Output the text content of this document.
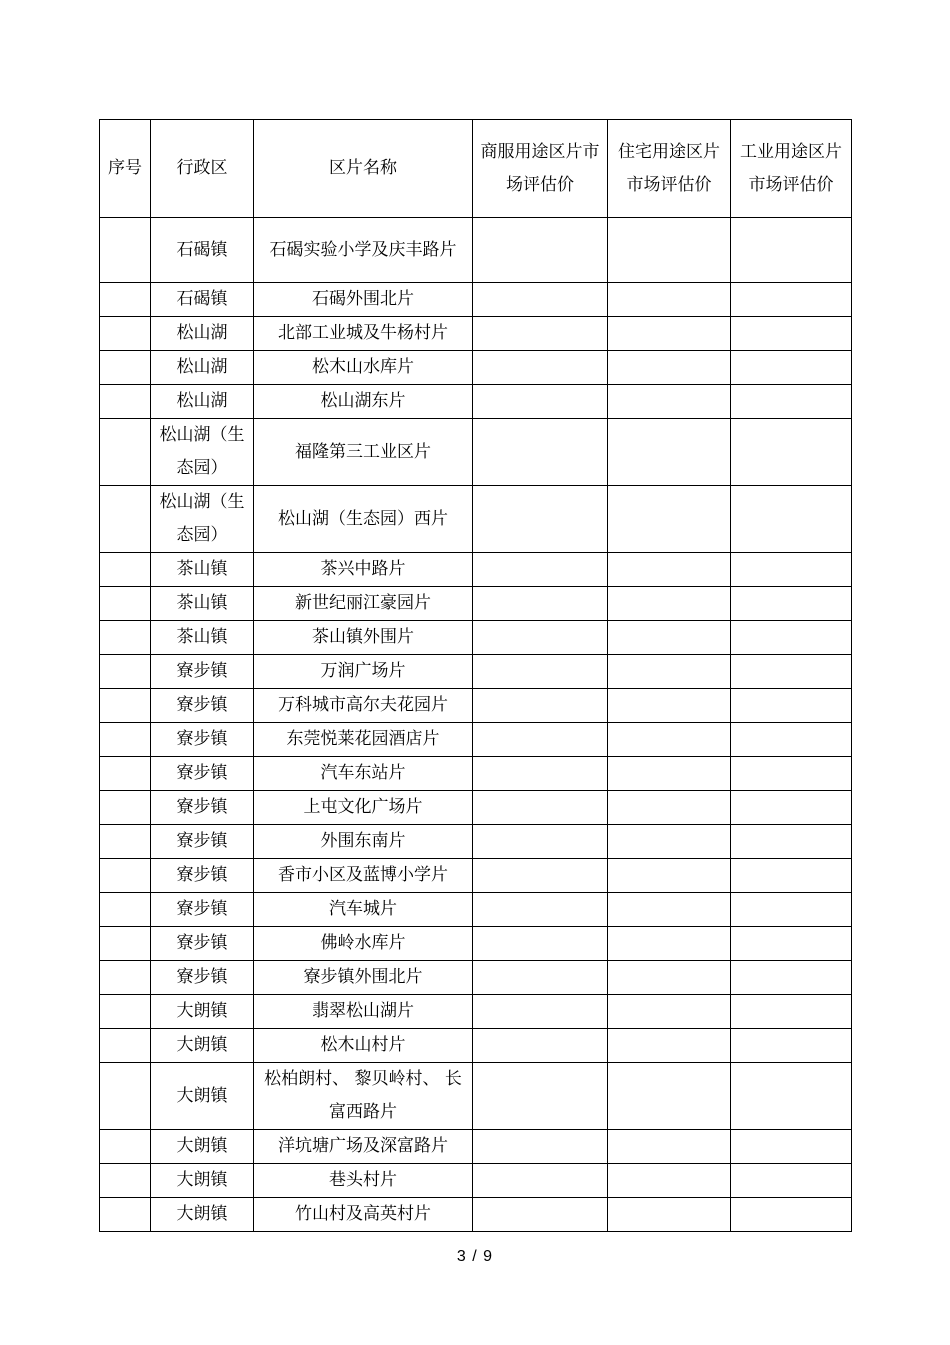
序号	行政区	区片名称	商服用途区片市场评估价	住宅用途区片市场评估价	工业用途区片市场评估价
	石碣镇	石碣实验小学及庆丰路片			
	石碣镇	石碣外围北片			
	松山湖	北部工业城及牛杨村片			
	松山湖	松木山水库片			
	松山湖	松山湖东片			
	松山湖（生态园）	福隆第三工业区片			
	松山湖（生态园）	松山湖（生态园）西片			
	茶山镇	茶兴中路片			
	茶山镇	新世纪丽江豪园片			
	茶山镇	茶山镇外围片			
	寮步镇	万润广场片			
	寮步镇	万科城市高尔夫花园片			
	寮步镇	东莞悦莱花园酒店片			
	寮步镇	汽车东站片			
	寮步镇	上屯文化广场片			
	寮步镇	外围东南片			
	寮步镇	香市小区及蓝博小学片			
	寮步镇	汽车城片			
	寮步镇	佛岭水库片			
	寮步镇	寮步镇外围北片			
	大朗镇	翡翠松山湖片			
	大朗镇	松木山村片			
	大朗镇	松柏朗村、 黎贝岭村、 长富西路片			
	大朗镇	洋坑塘广场及深富路片			
	大朗镇	巷头村片			
	大朗镇	竹山村及高英村片			
3 / 9
